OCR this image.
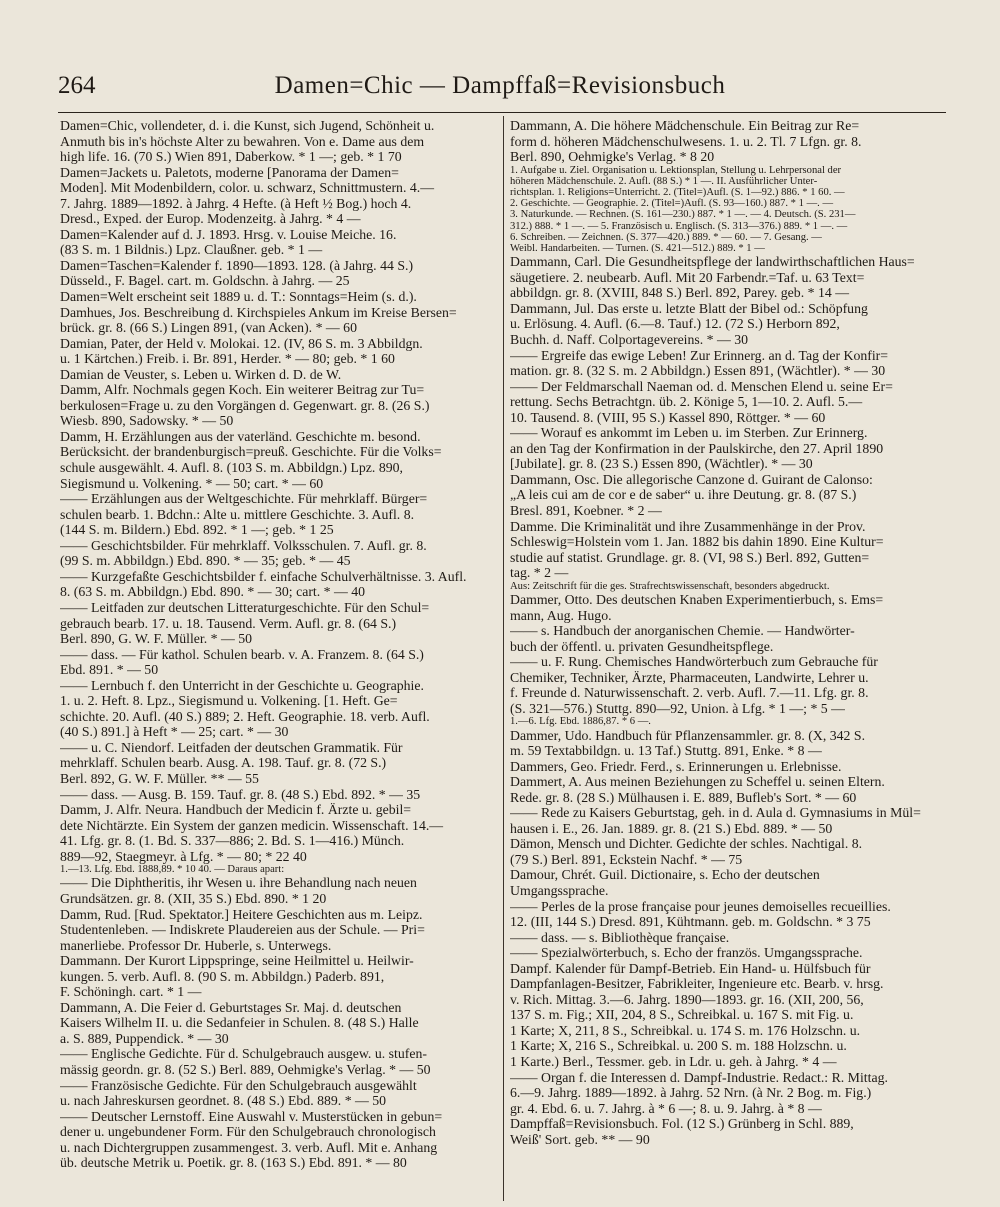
264	Damen=Chic — Dampffaß=Revisionsbuch
Damen=Chic, vollendeter, d. i. die Kunst, sich Jugend, Schönheit u.
Anmuth bis in's höchste Alter zu bewahren. Von e. Dame aus dem
high life. 16. (70 S.) Wien 891, Daberkow. * 1 —; geb. * 1 70
Damen=Jackets u. Paletots, moderne [Panorama der Damen=
Moden]. Mit Modenbildern, color. u. schwarz, Schnittmustern. 4.—
7. Jahrg. 1889—1892. à Jahrg. 4 Hefte. (à Heft ½ Bog.) hoch 4.
Dresd., Exped. der Europ. Modenzeitg. à Jahrg. * 4 —
Damen=Kalender auf d. J. 1893. Hrsg. v. Louise Meiche. 16.
(83 S. m. 1 Bildnis.) Lpz. Claußner. geb. * 1 —
Damen=Taschen=Kalender f. 1890—1893. 128. (à Jahrg. 44 S.)
Düsseld., F. Bagel. cart. m. Goldschn. à Jahrg. — 25
Damen=Welt erscheint seit 1889 u. d. T.: Sonntags=Heim (s. d.).
Damhues, Jos. Beschreibung d. Kirchspieles Ankum im Kreise Bersen=
brück. gr. 8. (66 S.) Lingen 891, (van Acken). * — 60
Damian, Pater, der Held v. Molokai. 12. (IV, 86 S. m. 3 Abbildgn.
u. 1 Kärtchen.) Freib. i. Br. 891, Herder. * — 80; geb. * 1 60
Damian de Veuster, s. Leben u. Wirken d. D. de W.
Damm, Alfr. Nochmals gegen Koch. Ein weiterer Beitrag zur Tu=
berkulosen=Frage u. zu den Vorgängen d. Gegenwart. gr. 8. (26 S.)
Wiesb. 890, Sadowsky. * — 50
Damm, H. Erzählungen aus der vaterländ. Geschichte m. besond.
Berücksicht. der brandenburgisch=preuß. Geschichte. Für die Volks=
schule ausgewählt. 4. Aufl. 8. (103 S. m. Abbildgn.) Lpz. 890,
Siegismund u. Volkening. * — 50; cart. * — 60
—— Erzählungen aus der Weltgeschichte. Für mehrklaff. Bürger=
schulen bearb. 1. Bdchn.: Alte u. mittlere Geschichte. 3. Aufl. 8.
(144 S. m. Bildern.) Ebd. 892. * 1 —; geb. * 1 25
—— Geschichtsbilder. Für mehrklaff. Volksschulen. 7. Aufl. gr. 8.
(99 S. m. Abbildgn.) Ebd. 890. * — 35; geb. * — 45
—— Kurzgefaßte Geschichtsbilder f. einfache Schulverhältnisse. 3. Aufl.
8. (63 S. m. Abbildgn.) Ebd. 890. * — 30; cart. * — 40
—— Leitfaden zur deutschen Litteraturgeschichte. Für den Schul=
gebrauch bearb. 17. u. 18. Tausend. Verm. Aufl. gr. 8. (64 S.)
Berl. 890, G. W. F. Müller. * — 50
—— dass. — Für kathol. Schulen bearb. v. A. Franzem. 8. (64 S.)
Ebd. 891. * — 50
—— Lernbuch f. den Unterricht in der Geschichte u. Geographie.
1. u. 2. Heft. 8. Lpz., Siegismund u. Volkening. [1. Heft. Ge=
schichte. 20. Aufl. (40 S.) 889; 2. Heft. Geographie. 18. verb. Aufl.
(40 S.) 891.] à Heft * — 25; cart. * — 30
—— u. C. Niendorf. Leitfaden der deutschen Grammatik. Für
mehrklaff. Schulen bearb. Ausg. A. 198. Tauf. gr. 8. (72 S.)
Berl. 892, G. W. F. Müller. ** — 55
—— dass. — Ausg. B. 159. Tauf. gr. 8. (48 S.) Ebd. 892. * — 35
Damm, J. Alfr. Neura. Handbuch der Medicin f. Ärzte u. gebil=
dete Nichtärzte. Ein System der ganzen medicin. Wissenschaft. 14.—
41. Lfg. gr. 8. (1. Bd. S. 337—886; 2. Bd. S. 1—416.) Münch.
889—92, Staegmeyr. à Lfg. * — 80; * 22 40
1.—13. Lfg. Ebd. 1888,89. * 10 40. — Daraus apart:
—— Die Diphtheritis, ihr Wesen u. ihre Behandlung nach neuen
Grundsätzen. gr. 8. (XII, 35 S.) Ebd. 890. * 1 20
Damm, Rud. [Rud. Spektator.] Heitere Geschichten aus m. Leipz.
Studentenleben. — Indiskrete Plaudereien aus der Schule. — Pri=
manerliebe. Professor Dr. Huberle, s. Unterwegs.
Dammann. Der Kurort Lippspringe, seine Heilmittel u. Heilwir-
kungen. 5. verb. Aufl. 8. (90 S. m. Abbildgn.) Paderb. 891,
F. Schöningh. cart. * 1 —
Dammann, A. Die Feier d. Geburtstages Sr. Maj. d. deutschen
Kaisers Wilhelm II. u. die Sedanfeier in Schulen. 8. (48 S.) Halle
a. S. 889, Puppendick. * — 30
—— Englische Gedichte. Für d. Schulgebrauch ausgew. u. stufen-
mässig geordn. gr. 8. (52 S.) Berl. 889, Oehmigke's Verlag. * — 50
—— Französische Gedichte. Für den Schulgebrauch ausgewählt
u. nach Jahreskursen geordnet. 8. (48 S.) Ebd. 889. * — 50
—— Deutscher Lernstoff. Eine Auswahl v. Musterstücken in gebun=
dener u. ungebundener Form. Für den Schulgebrauch chronologisch
u. nach Dichtergruppen zusammengest. 3. verb. Aufl. Mit e. Anhang
üb. deutsche Metrik u. Poetik. gr. 8. (163 S.) Ebd. 891. * — 80
Dammann, A. Die höhere Mädchenschule. Ein Beitrag zur Re=
form d. höheren Mädchenschulwesens. 1. u. 2. Tl. 7 Lfgn. gr. 8.
Berl. 890, Oehmigke's Verlag. * 8 20
1. Aufgabe u. Ziel. Organisation u. Lektionsplan, Stellung u. Lehrpersonal der
höheren Mädchenschule. 2. Aufl. (88 S.) * 1 —. II. Ausführlicher Unter-
richtsplan. 1. Religions=Unterricht. 2. (Titel=)Aufl. (S. 1—92.) 886. * 1 60. —
2. Geschichte. — Geographie. 2. (Titel=)Aufl. (S. 93—160.) 887. * 1 —. —
3. Naturkunde. — Rechnen. (S. 161—230.) 887. * 1 —. — 4. Deutsch. (S. 231—
312.) 888. * 1 —. — 5. Französisch u. Englisch. (S. 313—376.) 889. * 1 —. —
6. Schreiben. — Zeichnen. (S. 377—420.) 889. * — 60. — 7. Gesang. —
Weibl. Handarbeiten. — Turnen. (S. 421—512.) 889. * 1 —
Dammann, Carl. Die Gesundheitspflege der landwirthschaftlichen Haus=
säugetiere. 2. neubearb. Aufl. Mit 20 Farbendr.=Taf. u. 63 Text=
abbildgn. gr. 8. (XVIII, 848 S.) Berl. 892, Parey. geb. * 14 —
Dammann, Jul. Das erste u. letzte Blatt der Bibel od.: Schöpfung
u. Erlösung. 4. Aufl. (6.—8. Tauf.) 12. (72 S.) Herborn 892,
Buchh. d. Naff. Colportagevereins. * — 30
—— Ergreife das ewige Leben! Zur Erinnerg. an d. Tag der Konfir=
mation. gr. 8. (32 S. m. 2 Abbildgn.) Essen 891, (Wächtler). * — 30
—— Der Feldmarschall Naeman od. d. Menschen Elend u. seine Er=
rettung. Sechs Betrachtgn. üb. 2. Könige 5, 1—10. 2. Aufl. 5.—
10. Tausend. 8. (VIII, 95 S.) Kassel 890, Röttger. * — 60
—— Worauf es ankommt im Leben u. im Sterben. Zur Erinnerg.
an den Tag der Konfirmation in der Paulskirche, den 27. April 1890
[Jubilate]. gr. 8. (23 S.) Essen 890, (Wächtler). * — 30
Dammann, Osc. Die allegorische Canzone d. Guirant de Calonso:
„A leis cui am de cor e de saber“ u. ihre Deutung. gr. 8. (87 S.)
Bresl. 891, Koebner. * 2 —
Damme. Die Kriminalität und ihre Zusammenhänge in der Prov.
Schleswig=Holstein vom 1. Jan. 1882 bis dahin 1890. Eine Kultur=
studie auf statist. Grundlage. gr. 8. (VI, 98 S.) Berl. 892, Gutten=
tag. * 2 —
Aus: Zeitschrift für die ges. Strafrechtswissenschaft, besonders abgedruckt.
Dammer, Otto. Des deutschen Knaben Experimentierbuch, s. Ems=
mann, Aug. Hugo.
—— s. Handbuch der anorganischen Chemie. — Handwörter-
buch der öffentl. u. privaten Gesundheitspflege.
—— u. F. Rung. Chemisches Handwörterbuch zum Gebrauche für
Chemiker, Techniker, Ärzte, Pharmaceuten, Landwirte, Lehrer u.
f. Freunde d. Naturwissenschaft. 2. verb. Aufl. 7.—11. Lfg. gr. 8.
(S. 321—576.) Stuttg. 890—92, Union. à Lfg. * 1 —; * 5 —
1.—6. Lfg. Ebd. 1886,87. * 6 —.
Dammer, Udo. Handbuch für Pflanzensammler. gr. 8. (X, 342 S.
m. 59 Textabbildgn. u. 13 Taf.) Stuttg. 891, Enke. * 8 —
Dammers, Geo. Friedr. Ferd., s. Erinnerungen u. Erlebnisse.
Dammert, A. Aus meinen Beziehungen zu Scheffel u. seinen Eltern.
Rede. gr. 8. (28 S.) Mülhausen i. E. 889, Bufleb's Sort. * — 60
—— Rede zu Kaisers Geburtstag, geh. in d. Aula d. Gymnasiums in Mül=
hausen i. E., 26. Jan. 1889. gr. 8. (21 S.) Ebd. 889. * — 50
Dämon, Mensch und Dichter. Gedichte der schles. Nachtigal. 8.
(79 S.) Berl. 891, Eckstein Nachf. * — 75
Damour, Chrét. Guil. Dictionaire, s. Echo der deutschen
Umgangssprache.
—— Perles de la prose française pour jeunes demoiselles recueillies.
12. (III, 144 S.) Dresd. 891, Kühtmann. geb. m. Goldschn. * 3 75
—— dass. — s. Bibliothèque française.
—— Spezialwörterbuch, s. Echo der französ. Umgangssprache.
Dampf. Kalender für Dampf-Betrieb. Ein Hand- u. Hülfsbuch für
Dampfanlagen-Besitzer, Fabrikleiter, Ingenieure etc. Bearb. v. hrsg.
v. Rich. Mittag. 3.—6. Jahrg. 1890—1893. gr. 16. (XII, 200, 56,
137 S. m. Fig.; XII, 204, 8 S., Schreibkal. u. 167 S. mit Fig. u.
1 Karte; X, 211, 8 S., Schreibkal. u. 174 S. m. 176 Holzschn. u.
1 Karte; X, 216 S., Schreibkal. u. 200 S. m. 188 Holzschn. u.
1 Karte.) Berl., Tessmer. geb. in Ldr. u. geh. à Jahrg. * 4 —
—— Organ f. die Interessen d. Dampf-Industrie. Redact.: R. Mittag.
6.—9. Jahrg. 1889—1892. à Jahrg. 52 Nrn. (à Nr. 2 Bog. m. Fig.)
gr. 4. Ebd. 6. u. 7. Jahrg. à * 6 —; 8. u. 9. Jahrg. à * 8 —
Dampffaß=Revisionsbuch. Fol. (12 S.) Grünberg in Schl. 889,
Weiß' Sort. geb. ** — 90
